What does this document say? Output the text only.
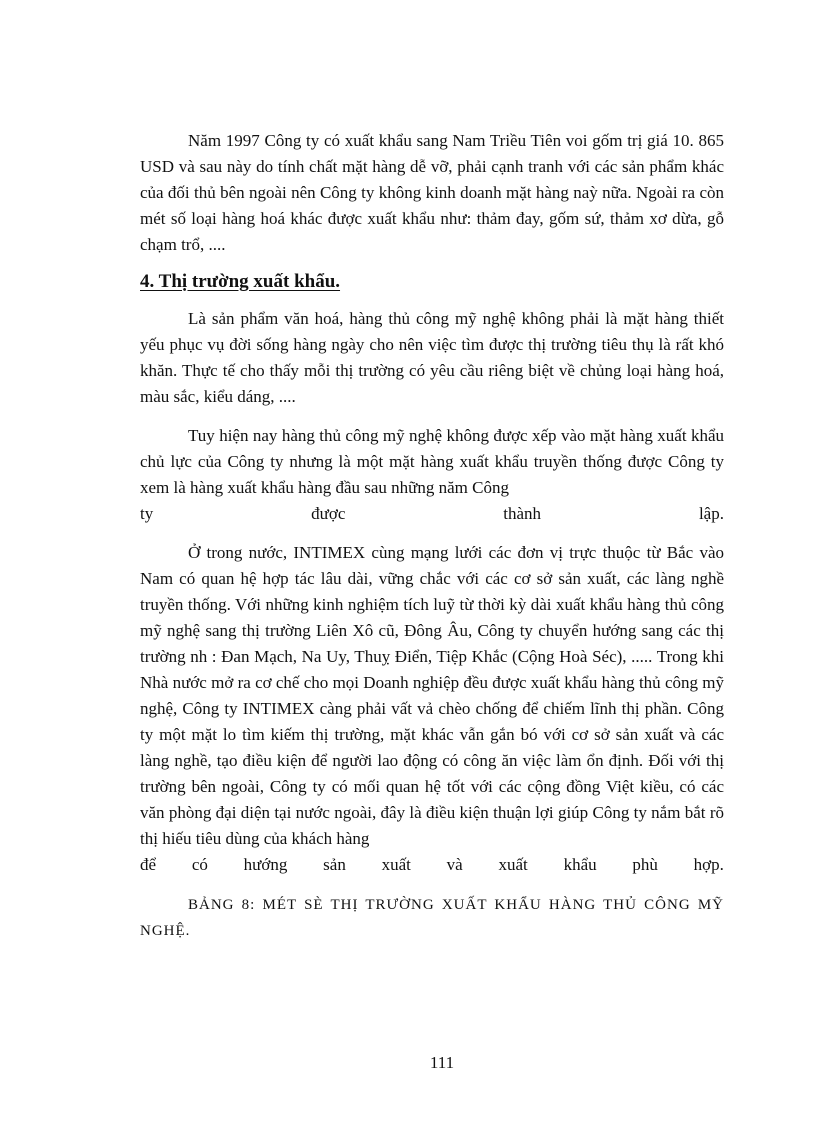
Năm 1997 Công ty có xuất khẩu sang Nam Triều Tiên voi gốm trị giá 10. 865 USD và sau này do tính chất mặt hàng dễ vỡ, phải cạnh tranh với các sản phẩm khác của đối thủ bên ngoài nên Công ty không kinh doanh mặt hàng naỳ nữa. Ngoài ra còn mét số loại hàng hoá khác được xuất khẩu như: thảm đay, gốm sứ, thảm xơ dừa, gỗ chạm trổ, ....

4. Thị trường xuất khẩu.

Là sản phẩm văn hoá, hàng thủ công mỹ nghệ không phải là mặt hàng thiết yếu phục vụ đời sống hàng ngày cho nên việc tìm được thị trường tiêu thụ là rất khó khăn. Thực tế cho thấy mỗi thị trường có yêu cầu riêng biệt về chủng loại hàng hoá, màu sắc, kiểu dáng, ....

Tuy hiện nay hàng thủ công mỹ nghệ không được xếp vào mặt hàng xuất khẩu chủ lực của Công ty nhưng là một mặt hàng xuất khẩu truyền thống được Công ty xem là hàng xuất khẩu hàng đầu sau những năm Công

ty	được	thành	lập.

Ở trong nước, INTIMEX cùng mạng lưới các đơn vị trực thuộc từ Bắc vào Nam có quan hệ hợp tác lâu dài, vững chắc với các cơ sở sản xuất, các làng nghề truyền thống. Với những kinh nghiệm tích luỹ từ thời kỳ dài xuất khẩu hàng thủ công mỹ nghệ sang thị trường Liên Xô cũ, Đông Âu, Công ty chuyển hướng sang các thị trường nh : Đan Mạch, Na Uy, Thuỵ Điển, Tiệp Khắc (Cộng Hoà Séc), ..... Trong khi Nhà nước mở ra cơ chế cho mọi Doanh nghiệp đều được xuất khẩu hàng thủ công mỹ nghệ, Công ty INTIMEX càng phải vất vả chèo chống để chiếm lĩnh thị phần. Công ty một mặt lo tìm kiếm thị trường, mặt khác vẫn gắn bó với cơ sở sản xuất và các làng nghề, tạo điều kiện để người lao động có công ăn việc làm ổn định. Đối với thị trường bên ngoài, Công ty có mối quan hệ tốt với các cộng đồng Việt kiều, có các văn phòng đại diện tại nước ngoài, đây là điều kiện thuận lợi giúp Công ty nắm bắt rõ thị hiếu tiêu dùng của khách hàng

để có hướng sản xuất và xuất khẩu phù hợp.

BẢNG 8: MÉT SÈ THỊ TRƯỜNG XUẤT KHẨU HÀNG THỦ CÔNG MỸ NGHỆ.

111
